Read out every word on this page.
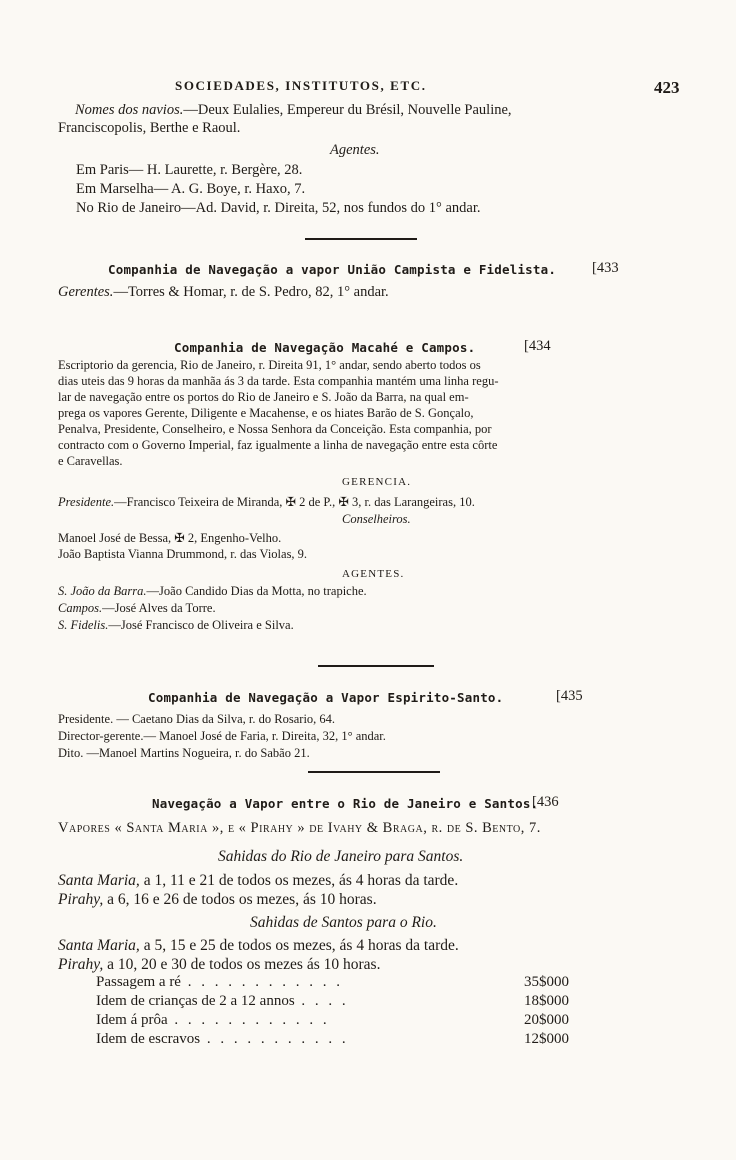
SOCIEDADES, INSTITUTOS, ETC.	423
Nomes dos navios.—Deux Eulalies, Empereur du Brésil, Nouvelle Pauline,
Franciscopolis, Berthe e Raoul.
Agentes.
Em Paris— H. Laurette, r. Bergère, 28.
Em Marselha— A. G. Boye, r. Haxo, 7.
No Rio de Janeiro—Ad. David, r. Direita, 52, nos fundos do 1° andar.
Companhia de Navegação a vapor União Campista e Fidelista. [433
Gerentes.—Torres & Homar, r. de S. Pedro, 82, 1° andar.
Companhia de Navegação Macahé e Campos.	[434
Escriptorio da gerencia, Rio de Janeiro, r. Direita 91, 1° andar, sendo aberto todos os
dias uteis das 9 horas da manhãa ás 3 da tarde. Esta companhia mantém uma linha regu-
lar de navegação entre os portos do Rio de Janeiro e S. João da Barra, na qual em-
prega os vapores Gerente, Diligente e Macahense, e os hiates Barão de S. Gonçalo,
Penalva, Presidente, Conselheiro, e Nossa Senhora da Conceição. Esta companhia, por
contracto com o Governo Imperial, faz igualmente a linha de navegação entre esta côrte
e Caravellas.
GERENCIA.
Presidente.—Francisco Teixeira de Miranda, ✠ 2 de P., ✠ 3, r. das Larangeiras, 10.
Conselheiros.
Manoel José de Bessa, ✠ 2, Engenho-Velho.
João Baptista Vianna Drummond, r. das Violas, 9.
AGENTES.
S. João da Barra.—João Candido Dias da Motta, no trapiche.
Campos.—José Alves da Torre.
S. Fidelis.—José Francisco de Oliveira e Silva.
Companhia de Navegação a Vapor Espirito-Santo.	[435
Presidente. — Caetano Dias da Silva, r. do Rosario, 64.
Director-gerente.— Manoel José de Faria, r. Direita, 32, 1° andar.
Dito. —Manoel Martins Nogueira, r. do Sabão 21.
Navegação a Vapor entre o Rio de Janeiro e Santos.
[436
Vapores « Santa Maria », e « Pirahy » de Ivahy & Braga, r. de S. Bento, 7.
Sahidas do Rio de Janeiro para Santos.
Santa Maria, a 1, 11 e 21 de todos os mezes, ás 4 horas da tarde.
Pirahy, a 6, 16 e 26 de todos os mezes, ás 10 horas.
Sahidas de Santos para o Rio.
Santa Maria, a 5, 15 e 25 de todos os mezes, ás 4 horas da tarde.
Pirahy, a 10, 20 e 30 de todos os mezes ás 10 horas.
Passagem a ré . . . . . . . . . . . .	35$000
Idem de crianças de 2 a 12 annos . . . .	18$000
Idem á prôa . . . . . . . . . . . .	20$000
Idem de escravos . . . . . . . . . . .	12$000
